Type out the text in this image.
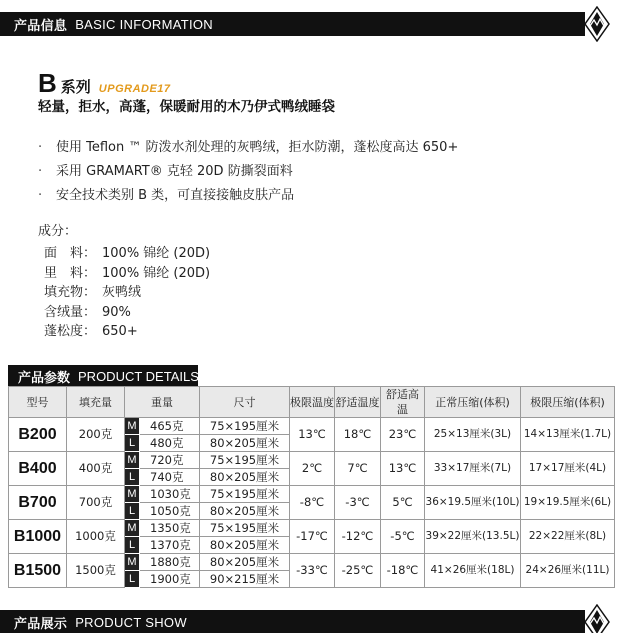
产品信息 BASIC INFORMATION
B 系列 UPGRADE17
轻量，拒水，高蓬，保暖耐用的木乃伊式鸭绒睡袋
·	使用 Teflon ™ 防泼水剂处理的灰鸭绒，拒水防潮，蓬松度高达 650+
·	采用 GRAMART® 克轻 20D 防撕裂面料
·	安全技术类别 B 类，可直接接触皮肤产品
成分：
面　料： 100% 锦纶 (20D)
里　料： 100% 锦纶 (20D)
填充物： 灰鸭绒
含绒量： 90%
蓬松度： 650+
产品参数 PRODUCT DETAILS
型号	填充量	重量		尺寸	极限温度	舒适温度	舒适高温	正常压缩(体积)	极限压缩(体积)
B200	200克	M	465克	75×195厘米	13℃	18℃	23℃	25×13厘米(3L)	14×13厘米(1.7L)
		L	480克	80×205厘米					
B400	400克	M	720克	75×195厘米	2℃	7℃	13℃	33×17厘米(7L)	17×17厘米(4L)
		L	740克	80×205厘米					
B700	700克	M	1030克	75×195厘米	-8℃	-3℃	5℃	36×19.5厘米(10L)	19×19.5厘米(6L)
		L	1050克	80×205厘米					
B1000	1000克	M	1350克	75×195厘米	-17℃	-12℃	-5℃	39×22厘米(13.5L)	22×22厘米(8L)
		L	1370克	80×205厘米					
B1500	1500克	M	1880克	80×205厘米	-33℃	-25℃	-18℃	41×26厘米(18L)	24×26厘米(11L)
		L	1900克	90×215厘米					
产品展示 PRODUCT SHOW
